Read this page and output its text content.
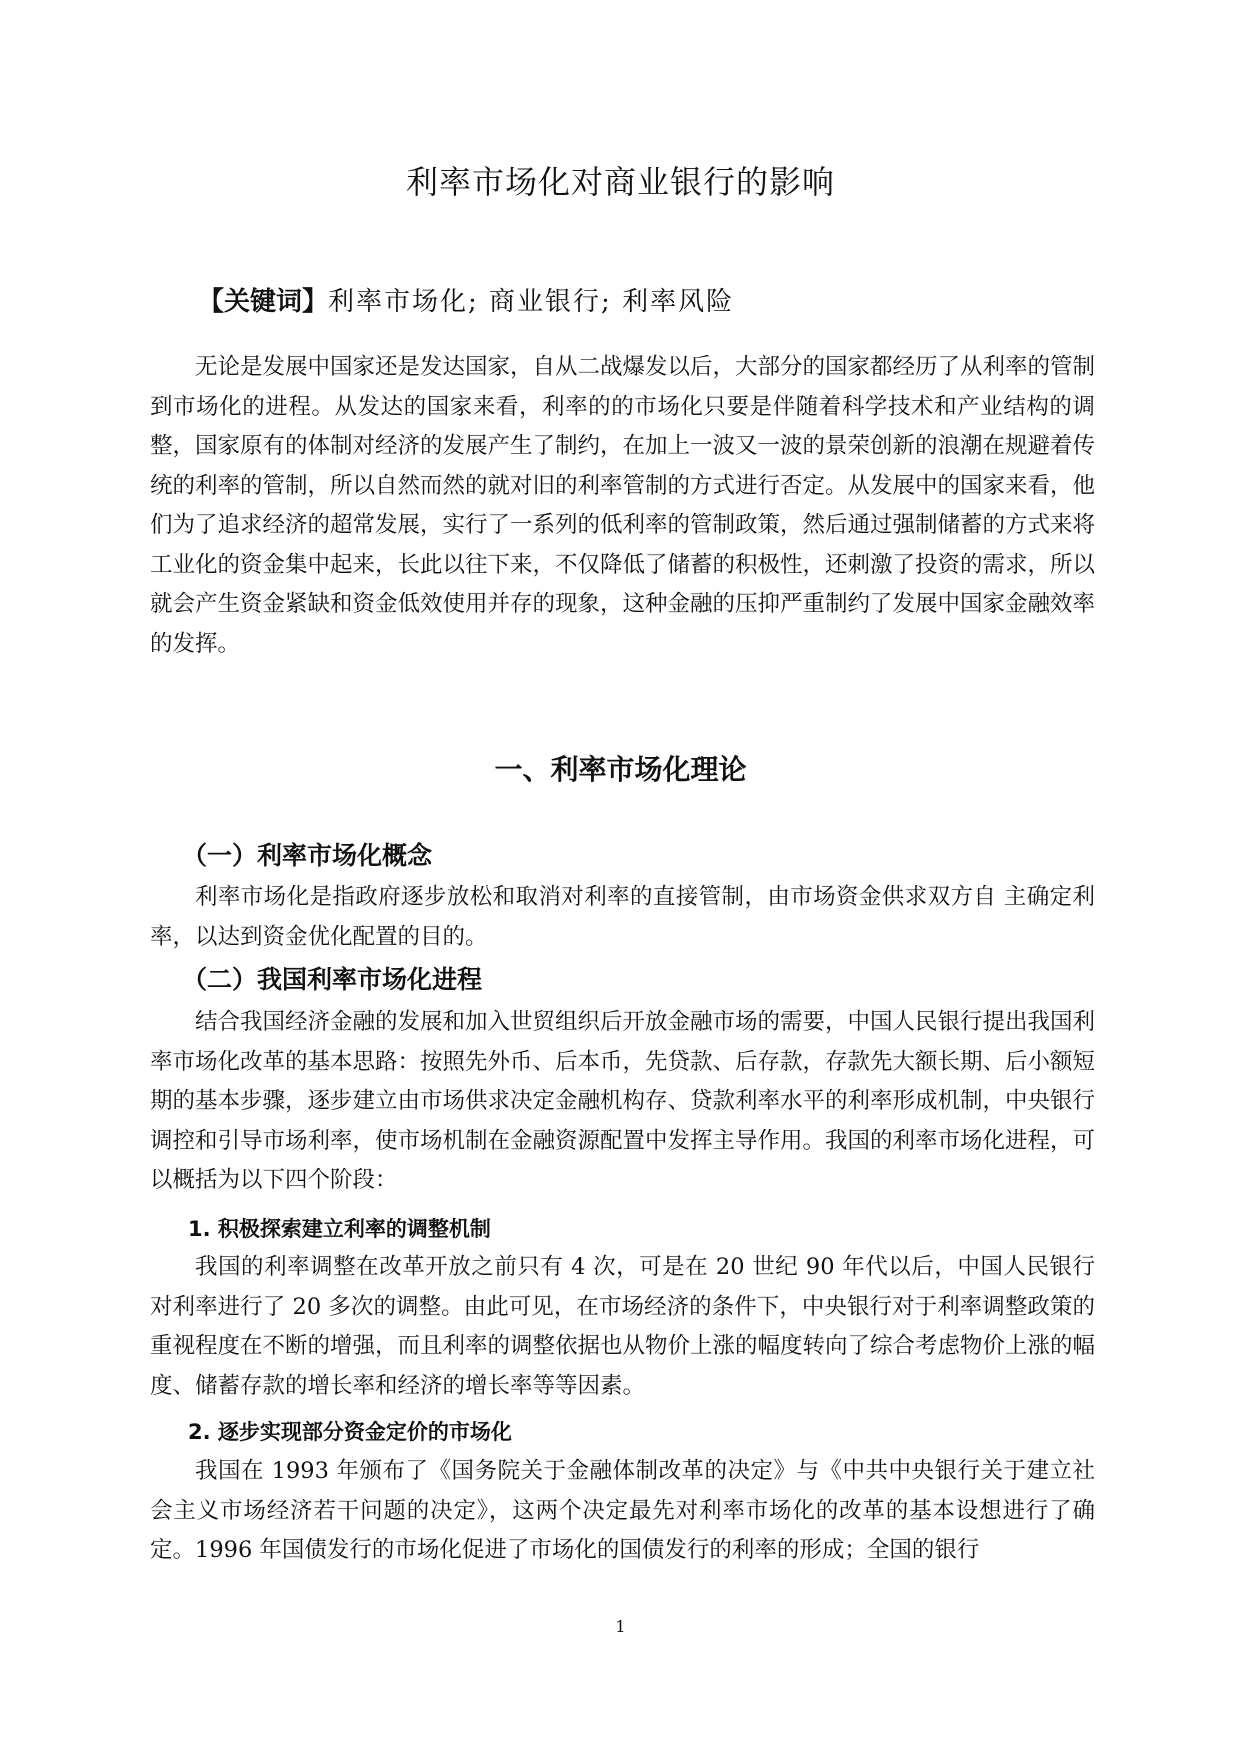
利率市场化对商业银行的影响
【关键词】利率市场化; 商业银行; 利率风险

无论是发展中国家还是发达国家，自从二战爆发以后，大部分的国家都经历了从利率的管制到市场化的进程。从发达的国家来看，利率的的市场化只要是伴随着科学技术和产业结构的调整，国家原有的体制对经济的发展产生了制约，在加上一波又一波的景荣创新的浪潮在规避着传统的利率的管制，所以自然而然的就对旧的利率管制的方式进行否定。从发展中的国家来看，他们为了追求经济的超常发展，实行了一系列的低利率的管制政策，然后通过强制储蓄的方式来将工业化的资金集中起来，长此以往下来，不仅降低了储蓄的积极性，还刺激了投资的需求，所以就会产生资金紧缺和资金低效使用并存的现象，这种金融的压抑严重制约了发展中国家金融效率的发挥。

一、利率市场化理论
（一）利率市场化概念

利率市场化是指政府逐步放松和取消对利率的直接管制，由市场资金供求双方自 主确定利率，以达到资金优化配置的目的。

（二）我国利率市场化进程

结合我国经济金融的发展和加入世贸组织后开放金融市场的需要，中国人民银行提出我国利率市场化改革的基本思路：按照先外币、后本币，先贷款、后存款，存款先大额长期、后小额短期的基本步骤，逐步建立由市场供求决定金融机构存、贷款利率水平的利率形成机制，中央银行调控和引导市场利率，使市场机制在金融资源配置中发挥主导作用。我国的利率市场化进程，可以概括为以下四个阶段：

1. 积极探索建立利率的调整机制

我国的利率调整在改革开放之前只有 4 次，可是在 20 世纪 90 年代以后，中国人民银行对利率进行了 20 多次的调整。由此可见，在市场经济的条件下，中央银行对于利率调整政策的重视程度在不断的增强，而且利率的调整依据也从物价上涨的幅度转向了综合考虑物价上涨的幅度、储蓄存款的增长率和经济的增长率等等因素。

2. 逐步实现部分资金定价的市场化

我国在 1993 年颁布了《国务院关于金融体制改革的决定》与《中共中央银行关于建立社会主义市场经济若干问题的决定》，这两个决定最先对利率市场化的改革的基本设想进行了确定。1996 年国债发行的市场化促进了市场化的国债发行的利率的形成；全国的银行

1
